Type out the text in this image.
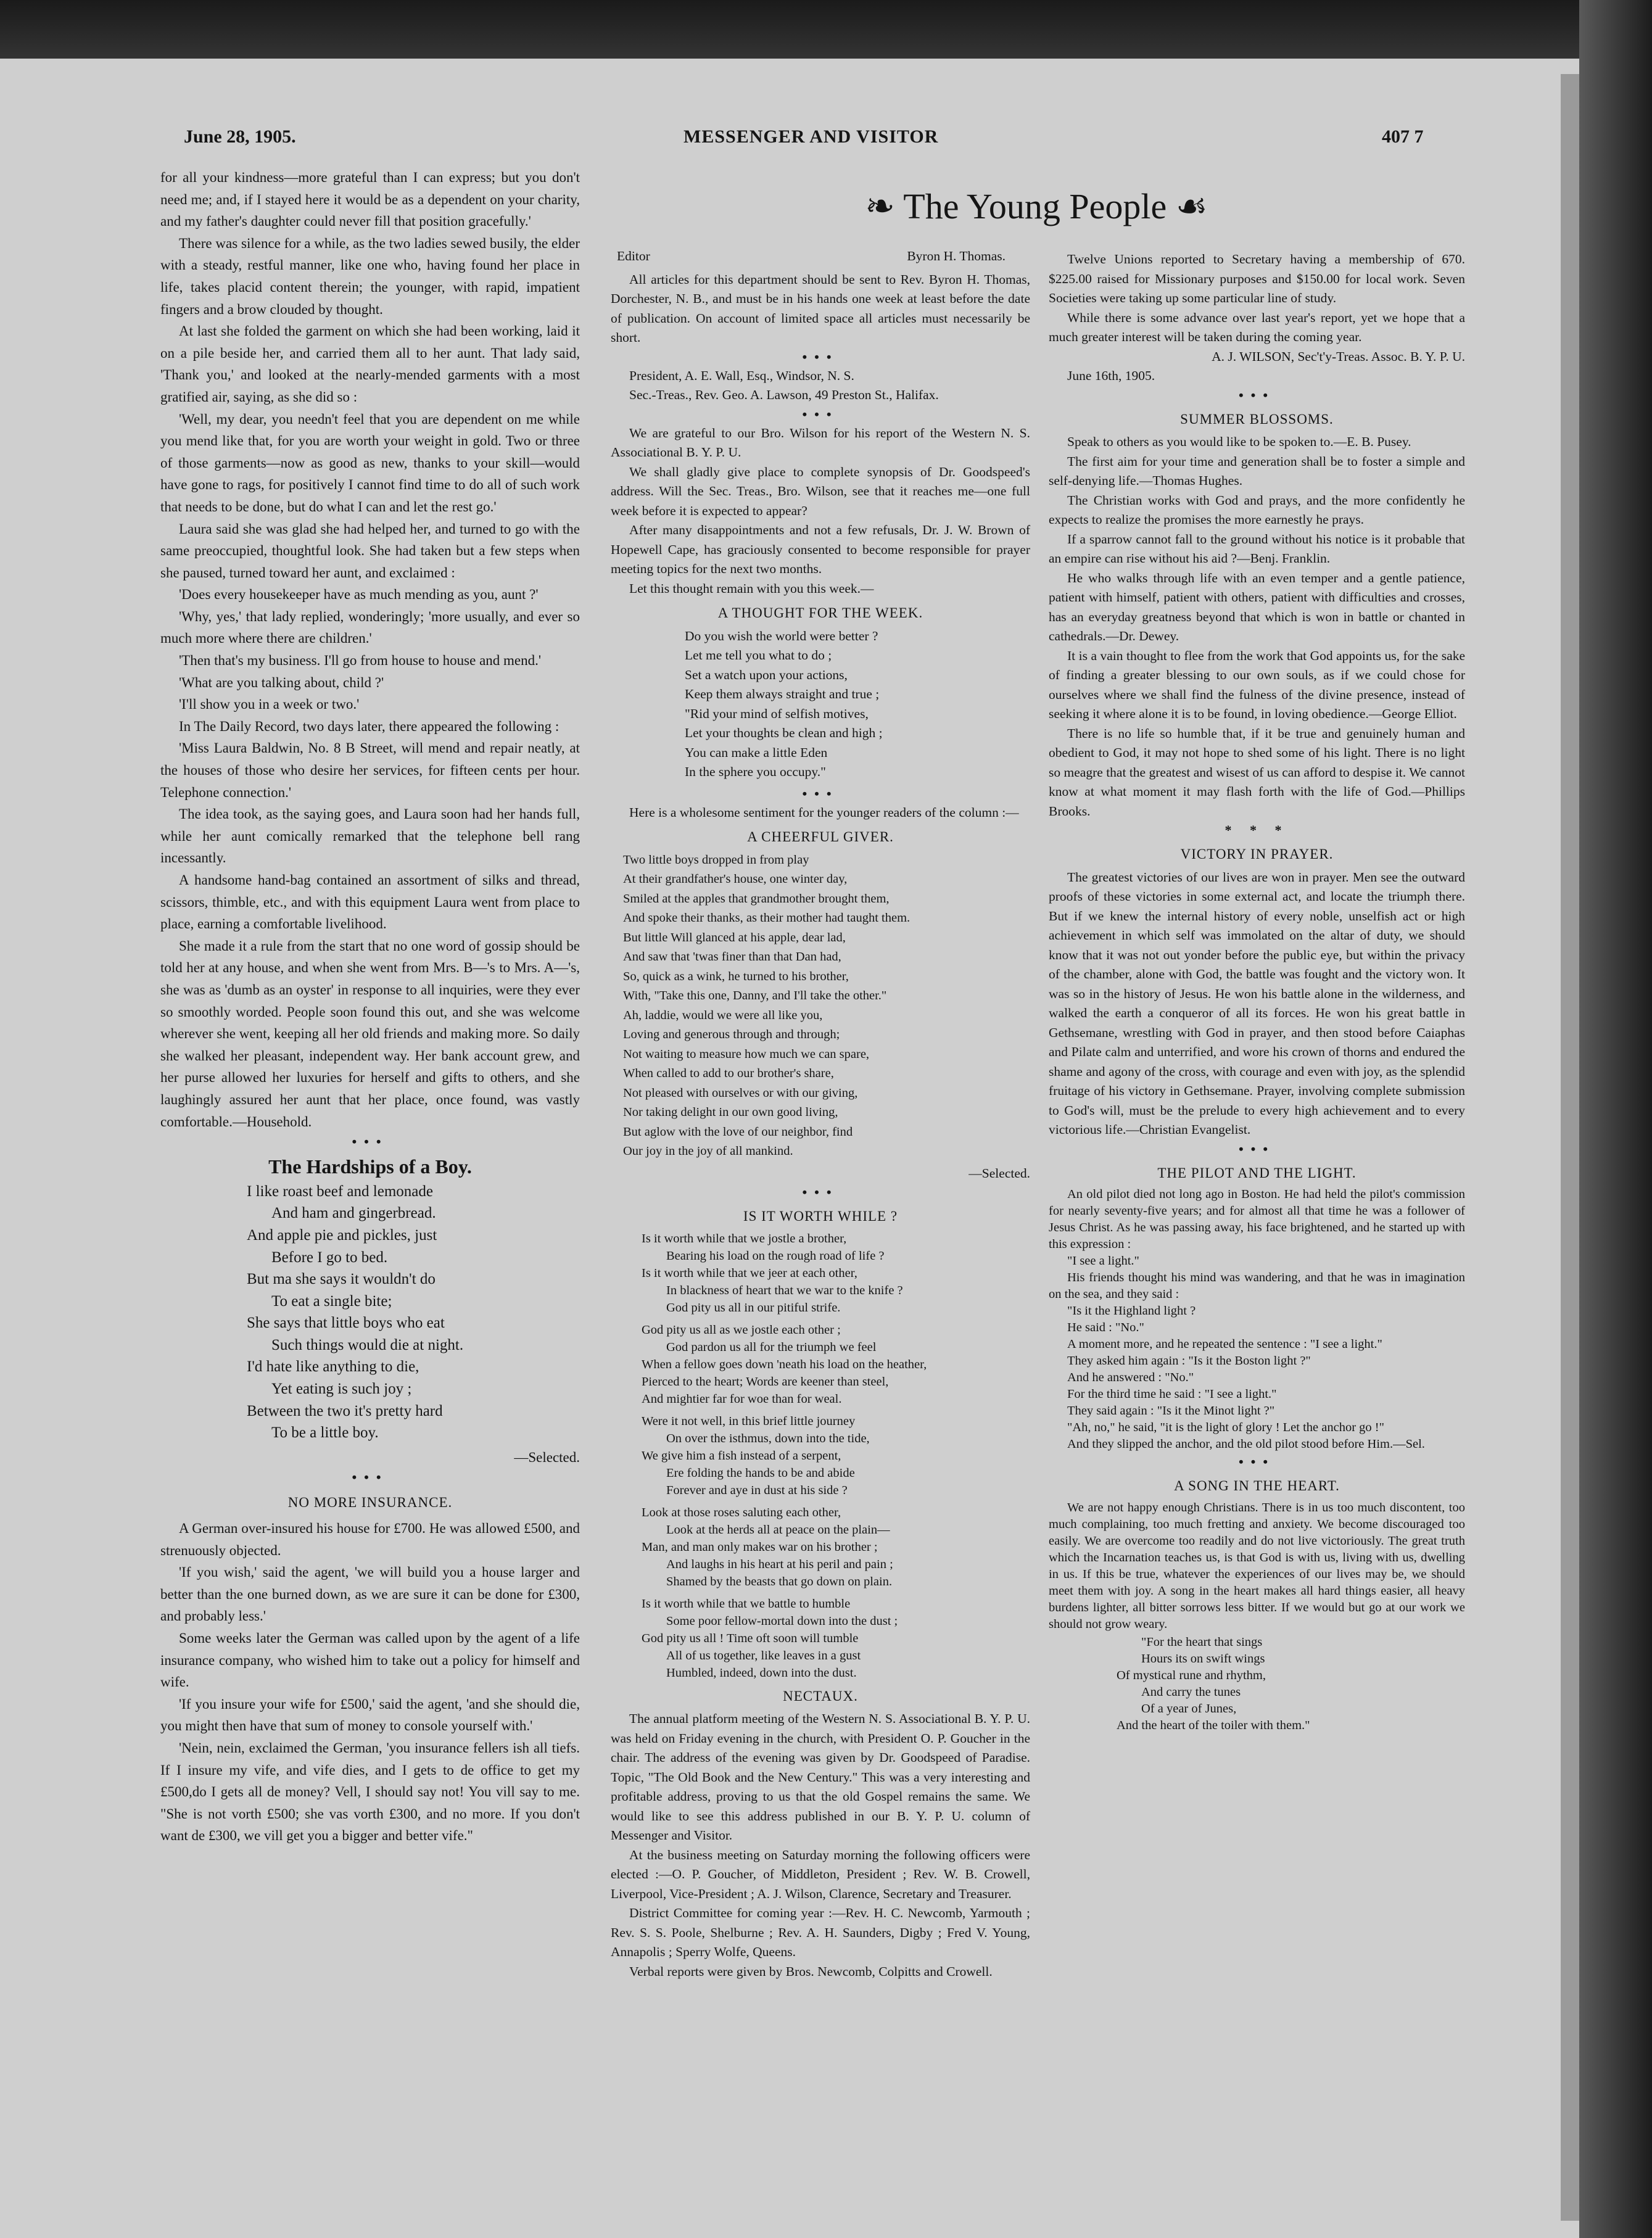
June 28, 1905.	MESSENGER AND VISITOR	407 7
❧ The Young People ☙

for all your kindness—more grateful than I can express; but you don't need me; and, if I stayed here it would be as a dependent on your charity, and my father's daughter could never fill that position gracefully.'

There was silence for a while, as the two ladies sewed busily, the elder with a steady, restful manner, like one who, having found her place in life, takes placid content therein; the younger, with rapid, impatient fingers and a brow clouded by thought.

At last she folded the garment on which she had been working, laid it on a pile beside her, and carried them all to her aunt. That lady said, 'Thank you,' and looked at the nearly-mended garments with a most gratified air, saying, as she did so :

'Well, my dear, you needn't feel that you are dependent on me while you mend like that, for you are worth your weight in gold. Two or three of those garments—now as good as new, thanks to your skill—would have gone to rags, for positively I cannot find time to do all of such work that needs to be done, but do what I can and let the rest go.'

Laura said she was glad she had helped her, and turned to go with the same preoccupied, thoughtful look. She had taken but a few steps when she paused, turned toward her aunt, and exclaimed :

'Does every housekeeper have as much mending as you, aunt ?'

'Why, yes,' that lady replied, wonderingly; 'more usually, and ever so much more where there are children.'

'Then that's my business. I'll go from house to house and mend.'

'What are you talking about, child ?'

'I'll show you in a week or two.'

In The Daily Record, two days later, there appeared the following :

'Miss Laura Baldwin, No. 8 B Street, will mend and repair neatly, at the houses of those who desire her services, for fifteen cents per hour. Telephone connection.'

The idea took, as the saying goes, and Laura soon had her hands full, while her aunt comically remarked that the telephone bell rang incessantly.

A handsome hand-bag contained an assortment of silks and thread, scissors, thimble, etc., and with this equipment Laura went from place to place, earning a comfortable livelihood.

She made it a rule from the start that no one word of gossip should be told her at any house, and when she went from Mrs. B—'s to Mrs. A—'s, she was as 'dumb as an oyster' in response to all inquiries, were they ever so smoothly worded. People soon found this out, and she was welcome wherever she went, keeping all her old friends and making more. So daily she walked her pleasant, independent way. Her bank account grew, and her purse allowed her luxuries for herself and gifts to others, and she laughingly assured her aunt that her place, once found, was vastly comfortable.—Household.

•••
The Hardships of a Boy.
I like roast beef and lemonade
And ham and gingerbread.
And apple pie and pickles, just
Before I go to bed.
But ma she says it wouldn't do
To eat a single bite;
She says that little boys who eat
Such things would die at night.
I'd hate like anything to die,
Yet eating is such joy ;
Between the two it's pretty hard
To be a little boy.
—Selected.
•••
NO MORE INSURANCE.

A German over-insured his house for £700. He was allowed £500, and strenuously objected.

'If you wish,' said the agent, 'we will build you a house larger and better than the one burned down, as we are sure it can be done for £300, and probably less.'

Some weeks later the German was called upon by the agent of a life insurance company, who wished him to take out a policy for himself and wife.

'If you insure your wife for £500,' said the agent, 'and she should die, you might then have that sum of money to console yourself with.'

'Nein, nein, exclaimed the German, 'you insurance fellers ish all tiefs. If I insure my vife, and vife dies, and I gets to de office to get my £500,do I gets all de money? Vell, I should say not! You vill say to me. "She is not vorth £500; she vas vorth £300, and no more. If you don't want de £300, we vill get you a bigger and better vife."

Editor	Byron H. Thomas.

All articles for this department should be sent to Rev. Byron H. Thomas, Dorchester, N. B., and must be in his hands one week at least before the date of publication. On account of limited space all articles must necessarily be short.

•••

President, A. E. Wall, Esq., Windsor, N. S.

Sec.-Treas., Rev. Geo. A. Lawson, 49 Preston St., Halifax.

•••

We are grateful to our Bro. Wilson for his report of the Western N. S. Associational B. Y. P. U.

We shall gladly give place to complete synopsis of Dr. Goodspeed's address. Will the Sec. Treas., Bro. Wilson, see that it reaches me—one full week before it is expected to appear?

After many disappointments and not a few refusals, Dr. J. W. Brown of Hopewell Cape, has graciously consented to become responsible for prayer meeting topics for the next two months.

Let this thought remain with you this week.—

A THOUGHT FOR THE WEEK.
Do you wish the world were better ?
Let me tell you what to do ;
Set a watch upon your actions,
Keep them always straight and true ;
"Rid your mind of selfish motives,
Let your thoughts be clean and high ;
You can make a little Eden
In the sphere you occupy."
•••

Here is a wholesome sentiment for the younger readers of the column :—

A CHEERFUL GIVER.
Two little boys dropped in from play
At their grandfather's house, one winter day,
Smiled at the apples that grandmother brought them,
And spoke their thanks, as their mother had taught them.
But little Will glanced at his apple, dear lad,
And saw that 'twas finer than that Dan had,
So, quick as a wink, he turned to his brother,
With, "Take this one, Danny, and I'll take the other."
Ah, laddie, would we were all like you,
Loving and generous through and through;
Not waiting to measure how much we can spare,
When called to add to our brother's share,
Not pleased with ourselves or with our giving,
Nor taking delight in our own good living,
But aglow with the love of our neighbor, find
Our joy in the joy of all mankind.
—Selected.
•••
IS IT WORTH WHILE ?
Is it worth while that we jostle a brother,
Bearing his load on the rough road of life ?
Is it worth while that we jeer at each other,
In blackness of heart that we war to the knife ?
God pity us all in our pitiful strife.
God pity us all as we jostle each other ;
God pardon us all for the triumph we feel
When a fellow goes down 'neath his load on the heather,
Pierced to the heart; Words are keener than steel,
And mightier far for woe than for weal.
Were it not well, in this brief little journey
On over the isthmus, down into the tide,
We give him a fish instead of a serpent,
Ere folding the hands to be and abide
Forever and aye in dust at his side ?
Look at those roses saluting each other,
Look at the herds all at peace on the plain—
Man, and man only makes war on his brother ;
And laughs in his heart at his peril and pain ;
Shamed by the beasts that go down on plain.
Is it worth while that we battle to humble
Some poor fellow-mortal down into the dust ;
God pity us all ! Time oft soon will tumble
All of us together, like leaves in a gust
Humbled, indeed, down into the dust.
NECTAUX.

The annual platform meeting of the Western N. S. Associational B. Y. P. U. was held on Friday evening in the church, with President O. P. Goucher in the chair. The address of the evening was given by Dr. Goodspeed of Paradise. Topic, "The Old Book and the New Century." This was a very interesting and profitable address, proving to us that the old Gospel remains the same. We would like to see this address published in our B. Y. P. U. column of Messenger and Visitor.

At the business meeting on Saturday morning the following officers were elected :—O. P. Goucher, of Middleton, President ; Rev. W. B. Crowell, Liverpool, Vice-President ; A. J. Wilson, Clarence, Secretary and Treasurer.

District Committee for coming year :—Rev. H. C. Newcomb, Yarmouth ; Rev. S. S. Poole, Shelburne ; Rev. A. H. Saunders, Digby ; Fred V. Young, Annapolis ; Sperry Wolfe, Queens.

Verbal reports were given by Bros. Newcomb, Colpitts and Crowell.

Twelve Unions reported to Secretary having a membership of 670. $225.00 raised for Missionary purposes and $150.00 for local work. Seven Societies were taking up some particular line of study.

While there is some advance over last year's report, yet we hope that a much greater interest will be taken during the coming year.

A. J. WILSON, Sec't'y-Treas. Assoc. B. Y. P. U.

June 16th, 1905.

•••
SUMMER BLOSSOMS.

Speak to others as you would like to be spoken to.—E. B. Pusey.

The first aim for your time and generation shall be to foster a simple and self-denying life.—Thomas Hughes.

The Christian works with God and prays, and the more confidently he expects to realize the promises the more earnestly he prays.

If a sparrow cannot fall to the ground without his notice is it probable that an empire can rise without his aid ?—Benj. Franklin.

He who walks through life with an even temper and a gentle patience, patient with himself, patient with others, patient with difficulties and crosses, has an everyday greatness beyond that which is won in battle or chanted in cathedrals.—Dr. Dewey.

It is a vain thought to flee from the work that God appoints us, for the sake of finding a greater blessing to our own souls, as if we could chose for ourselves where we shall find the fulness of the divine presence, instead of seeking it where alone it is to be found, in loving obedience.—George Elliot.

There is no life so humble that, if it be true and genuinely human and obedient to God, it may not hope to shed some of his light. There is no light so meagre that the greatest and wisest of us can afford to despise it. We cannot know at what moment it may flash forth with the life of God.—Phillips Brooks.

* * *
VICTORY IN PRAYER.

The greatest victories of our lives are won in prayer. Men see the outward proofs of these victories in some external act, and locate the triumph there. But if we knew the internal history of every noble, unselfish act or high achievement in which self was immolated on the altar of duty, we should know that it was not out yonder before the public eye, but within the privacy of the chamber, alone with God, the battle was fought and the victory won. It was so in the history of Jesus. He won his battle alone in the wilderness, and walked the earth a conqueror of all its forces. He won his great battle in Gethsemane, wrestling with God in prayer, and then stood before Caiaphas and Pilate calm and unterrified, and wore his crown of thorns and endured the shame and agony of the cross, with courage and even with joy, as the splendid fruitage of his victory in Gethsemane. Prayer, involving complete submission to God's will, must be the prelude to every high achievement and to every victorious life.—Christian Evangelist.

•••
THE PILOT AND THE LIGHT.

An old pilot died not long ago in Boston. He had held the pilot's commission for nearly seventy-five years; and for almost all that time he was a follower of Jesus Christ. As he was passing away, his face brightened, and he started up with this expression :

"I see a light."

His friends thought his mind was wandering, and that he was in imagination on the sea, and they said :

"Is it the Highland light ?

He said : "No."

A moment more, and he repeated the sentence : "I see a light."

They asked him again : "Is it the Boston light ?"

And he answered : "No."

For the third time he said : "I see a light."

They said again : "Is it the Minot light ?"

"Ah, no," he said, "it is the light of glory ! Let the anchor go !"

And they slipped the anchor, and the old pilot stood before Him.—Sel.

•••
A SONG IN THE HEART.

We are not happy enough Christians. There is in us too much discontent, too much complaining, too much fretting and anxiety. We become discouraged too easily. We are overcome too readily and do not live victoriously. The great truth which the Incarnation teaches us, is that God is with us, living with us, dwelling in us. If this be true, whatever the experiences of our lives may be, we should meet them with joy. A song in the heart makes all hard things easier, all heavy burdens lighter, all bitter sorrows less bitter. If we would but go at our work we should not grow weary.

"For the heart that sings
Hours its on swift wings
Of mystical rune and rhythm,
And carry the tunes
Of a year of Junes,
And the heart of the toiler with them."
